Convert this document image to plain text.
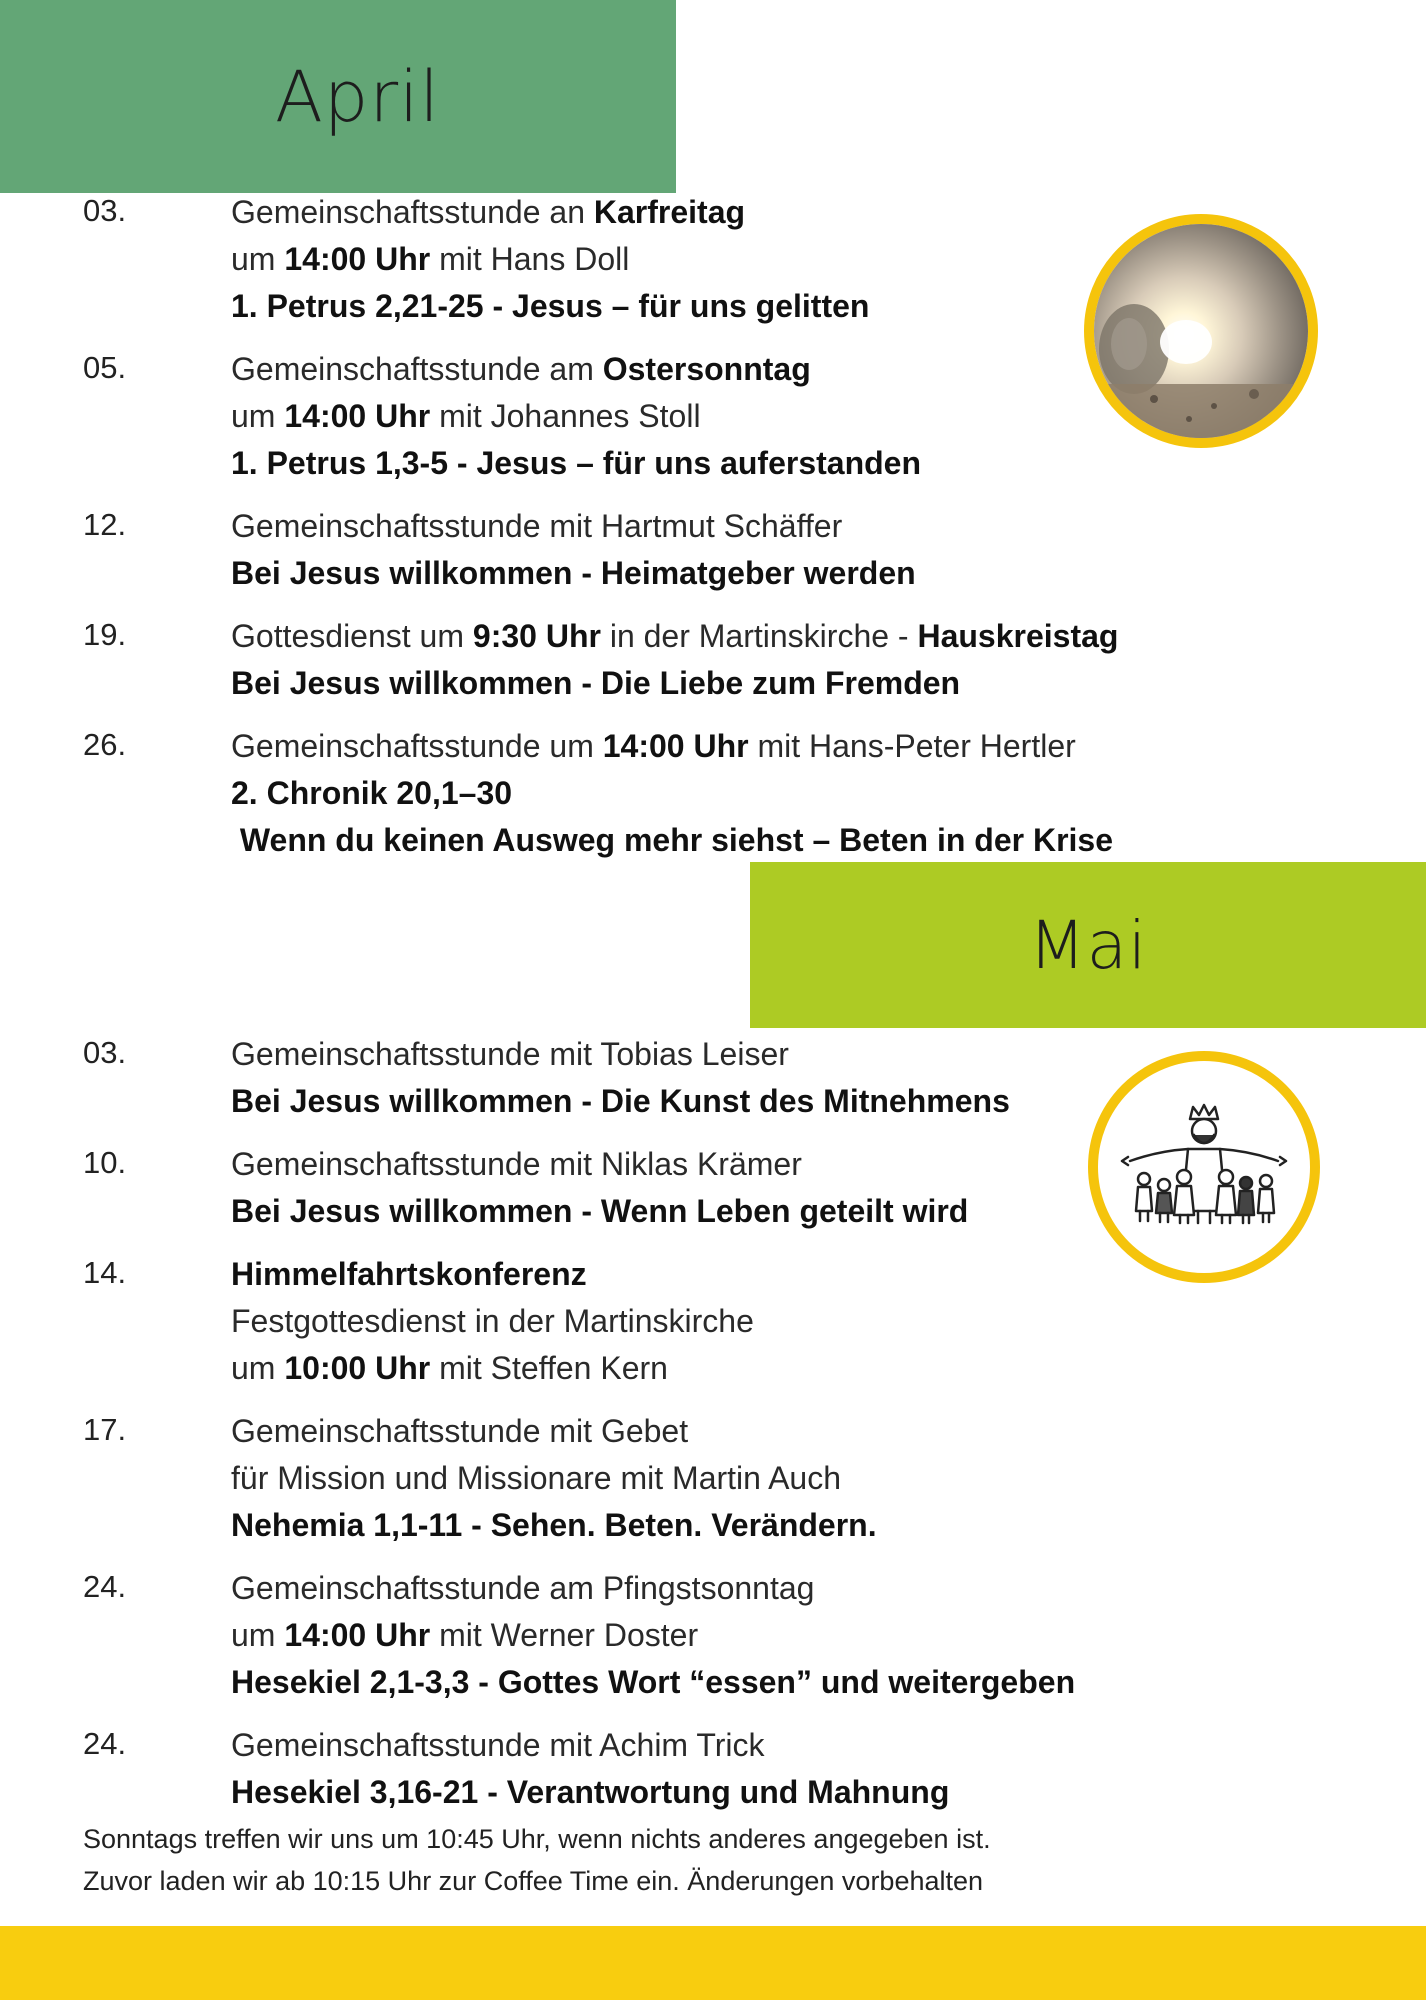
April
03.	Gemeinschaftsstunde an Karfreitag
um 14:00 Uhr mit Hans Doll
1. Petrus 2,21-25 - Jesus – für uns gelitten
05.	Gemeinschaftsstunde am Ostersonntag
um 14:00 Uhr mit Johannes Stoll
1. Petrus 1,3-5 - Jesus – für uns auferstanden
12.	Gemeinschaftsstunde mit Hartmut Schäffer
Bei Jesus willkommen - Heimatgeber werden
19.	Gottesdienst um 9:30 Uhr in der Martinskirche - Hauskreistag
Bei Jesus willkommen - Die Liebe zum Fremden
26.	Gemeinschaftsstunde um 14:00 Uhr mit Hans-Peter Hertler
2. Chronik 20,1–30
Wenn du keinen Ausweg mehr siehst – Beten in der Krise
Mai
03.	Gemeinschaftsstunde mit Tobias Leiser
Bei Jesus willkommen - Die Kunst des Mitnehmens
10.	Gemeinschaftsstunde mit Niklas Krämer
Bei Jesus willkommen - Wenn Leben geteilt wird
14.	Himmelfahrtskonferenz
Festgottesdienst in der Martinskirche
um 10:00 Uhr mit Steffen Kern
17.	Gemeinschaftsstunde mit Gebet
für Mission und Missionare mit Martin Auch
Nehemia 1,1-11 - Sehen. Beten. Verändern.
24.	Gemeinschaftsstunde am Pfingstsonntag
um 14:00 Uhr mit Werner Doster
Hesekiel 2,1-3,3 - Gottes Wort “essen” und weitergeben
24.	Gemeinschaftsstunde mit Achim Trick
Hesekiel 3,16-21 - Verantwortung und Mahnung
Sonntags treffen wir uns um 10:45 Uhr, wenn nichts anderes angegeben ist.
Zuvor laden wir ab 10:15 Uhr zur Coffee Time ein. Änderungen vorbehalten
